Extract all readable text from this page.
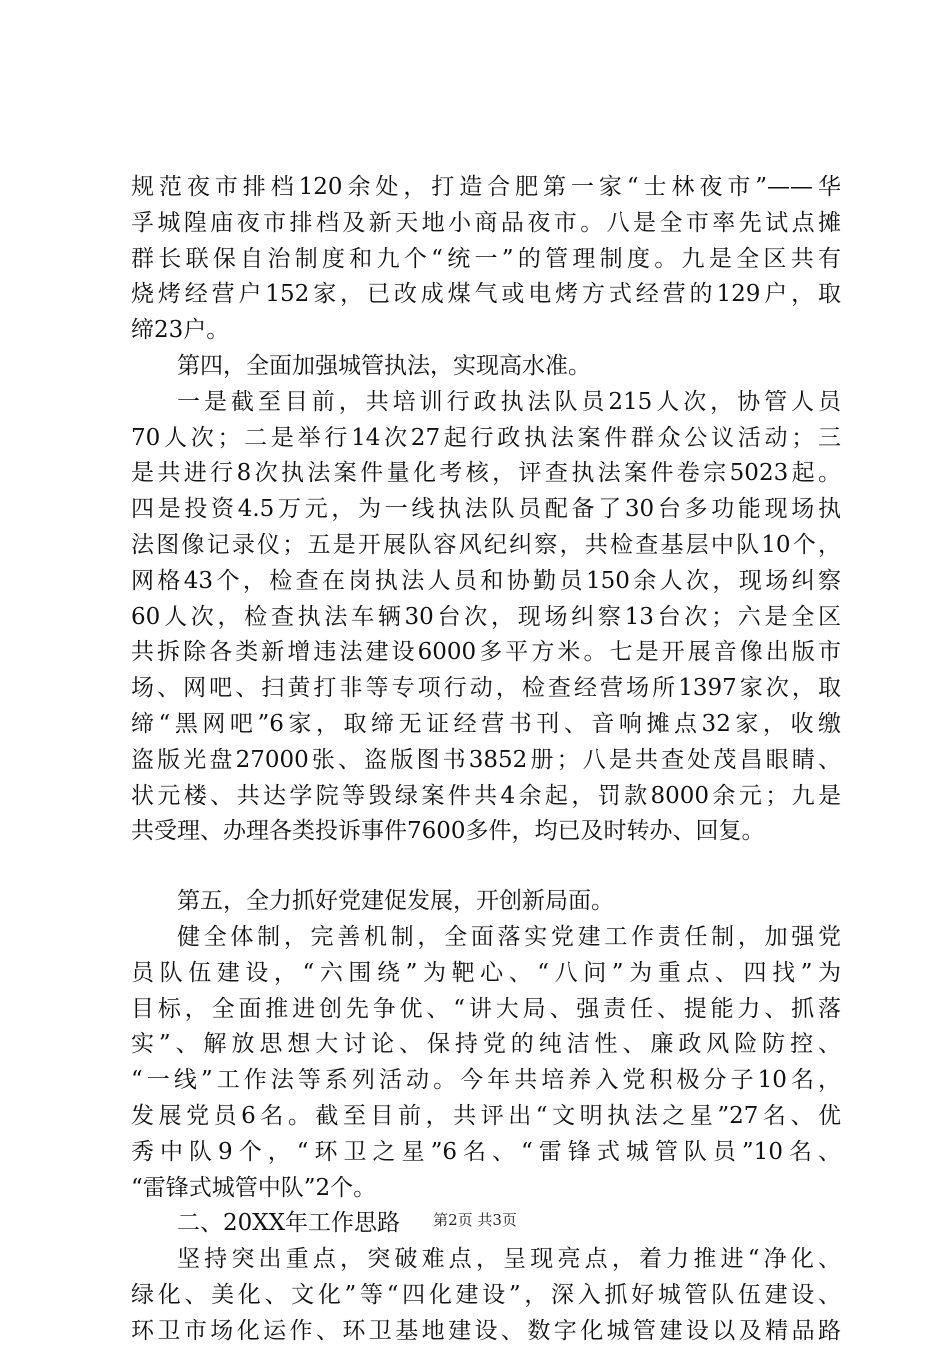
规范夜市排档120余处，打造合肥第一家“士林夜市”——华
孚城隍庙夜市排档及新天地小商品夜市。八是全市率先试点摊
群长联保自治制度和九个“统一”的管理制度。九是全区共有
烧烤经营户152家，已改成煤气或电烤方式经营的129户，取
缔23户。
第四，全面加强城管执法，实现高水准。
一是截至目前，共培训行政执法队员215人次，协管人员
70人次；二是举行14次27起行政执法案件群众公议活动；三
是共进行8次执法案件量化考核，评查执法案件卷宗5023起。
四是投资4.5万元，为一线执法队员配备了30台多功能现场执
法图像记录仪；五是开展队容风纪纠察，共检查基层中队10个，
网格43个，检查在岗执法人员和协勤员150余人次，现场纠察
60人次，检查执法车辆30台次，现场纠察13台次；六是全区
共拆除各类新增违法建设6000多平方米。七是开展音像出版市
场、网吧、扫黄打非等专项行动，检查经营场所1397家次，取
缔“黑网吧”6家，取缔无证经营书刊、音响摊点32家，收缴
盗版光盘27000张、盗版图书3852册；八是共查处茂昌眼睛、
状元楼、共达学院等毁绿案件共4余起，罚款8000余元；九是
共受理、办理各类投诉事件7600多件，均已及时转办、回复。
第五，全力抓好党建促发展，开创新局面。
健全体制，完善机制，全面落实党建工作责任制，加强党
员队伍建设，“六围绕”为靶心、“八问”为重点、四找”为
目标，全面推进创先争优、“讲大局、强责任、提能力、抓落
实”、解放思想大讨论、保持党的纯洁性、廉政风险防控、
“一线”工作法等系列活动。今年共培养入党积极分子10名，
发展党员6名。截至目前，共评出“文明执法之星”27名、优
秀中队9个，“环卫之星”6名、“雷锋式城管队员”10名、
“雷锋式城管中队”2个。
二、20XX年工作思路
坚持突出重点，突破难点，呈现亮点，着力推进“净化、
绿化、美化、文化”等“四化建设”，深入抓好城管队伍建设、
环卫市场化运作、环卫基地建设、数字化城管建设以及精品路
第2页 共3页
